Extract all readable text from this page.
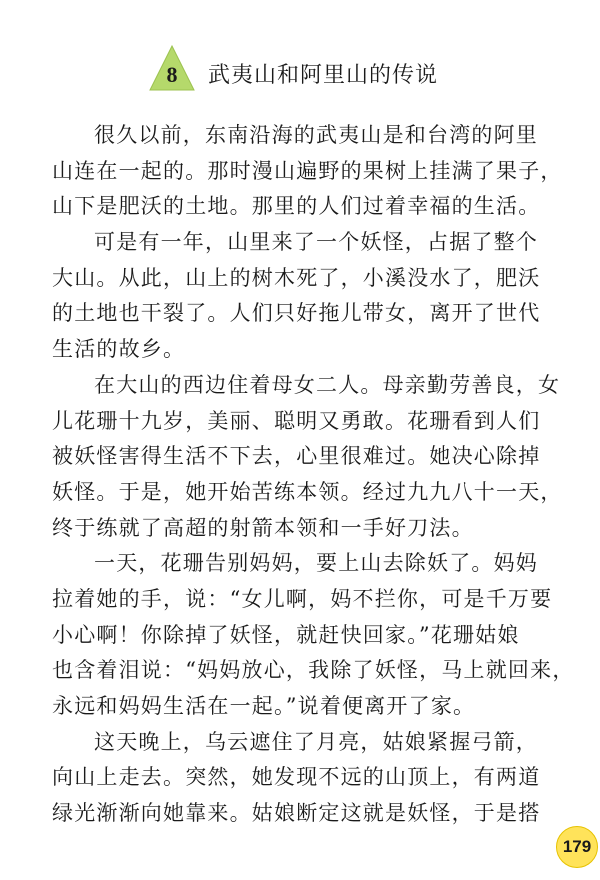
8	武夷山和阿里山的传说
很久以前，东南沿海的武夷山是和台湾的阿里
山连在一起的。那时漫山遍野的果树上挂满了果子，
山下是肥沃的土地。那里的人们过着幸福的生活。
可是有一年，山里来了一个妖怪，占据了整个
大山。从此，山上的树木死了，小溪没水了，肥沃
的土地也干裂了。人们只好拖儿带女，离开了世代
生活的故乡。
在大山的西边住着母女二人。母亲勤劳善良，女
儿花珊十九岁，美丽、聪明又勇敢。花珊看到人们
被妖怪害得生活不下去，心里很难过。她决心除掉
妖怪。于是，她开始苦练本领。经过九九八十一天，
终于练就了高超的射箭本领和一手好刀法。
一天，花珊告别妈妈，要上山去除妖了。妈妈
拉着她的手，说：“女儿啊，妈不拦你，可是千万要
小心啊！你除掉了妖怪，就赶快回家。”花珊姑娘
也含着泪说：“妈妈放心，我除了妖怪，马上就回来，
永远和妈妈生活在一起。”说着便离开了家。
这天晚上，乌云遮住了月亮，姑娘紧握弓箭，
向山上走去。突然，她发现不远的山顶上，有两道
绿光渐渐向她靠来。姑娘断定这就是妖怪，于是搭
179
